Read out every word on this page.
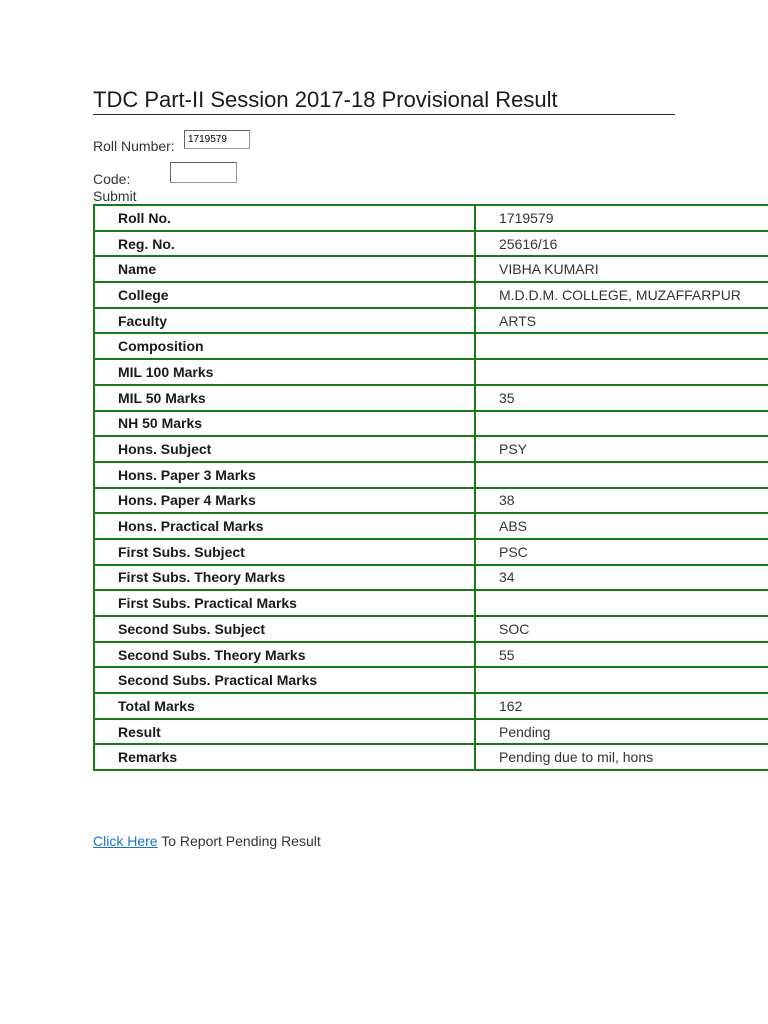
TDC Part-II Session 2017-18 Provisional Result
Roll Number:
1719579
Code:
Submit
Roll No.	1719579
Reg. No.	25616/16
Name	VIBHA KUMARI
College	M.D.D.M. COLLEGE, MUZAFFARPUR
Faculty	ARTS
Composition	
MIL 100 Marks	
MIL 50 Marks	35
NH 50 Marks	
Hons. Subject	PSY
Hons. Paper 3 Marks	
Hons. Paper 4 Marks	38
Hons. Practical Marks	ABS
First Subs. Subject	PSC
First Subs. Theory Marks	34
First Subs. Practical Marks	
Second Subs. Subject	SOC
Second Subs. Theory Marks	55
Second Subs. Practical Marks	
Total Marks	162
Result	Pending
Remarks	Pending due to mil, hons
Click Here To Report Pending Result
